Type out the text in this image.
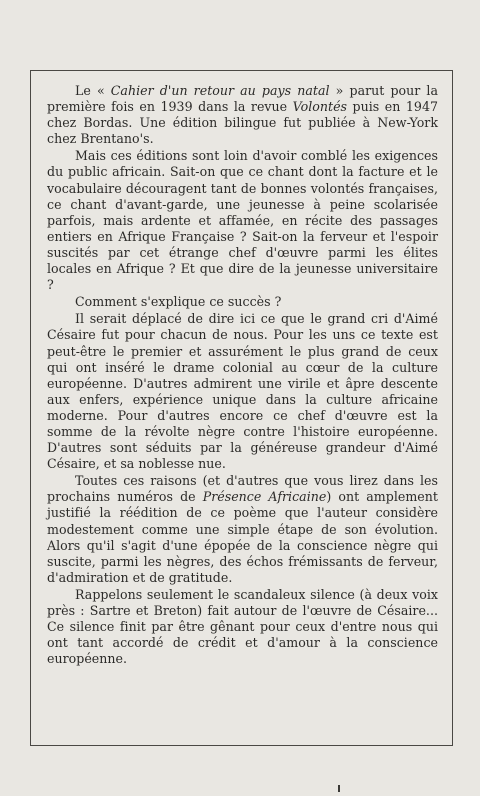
Le « Cahier d'un retour au pays natal » parut pour la première fois en 1939 dans la revue Volontés puis en 1947 chez Bordas. Une édition bilingue fut publiée à New-York chez Brentano's.

Mais ces éditions sont loin d'avoir comblé les exigences du public africain. Sait-on que ce chant dont la facture et le vocabulaire découragent tant de bonnes volontés françaises, ce chant d'avant-garde, une jeunesse à peine scolarisée parfois, mais ardente et affamée, en récite des passages entiers en Afrique Française ? Sait-on la ferveur et l'espoir suscités par cet étrange chef d'œuvre parmi les élites locales en Afrique ? Et que dire de la jeunesse universitaire ?

Comment s'explique ce succès ?

Il serait déplacé de dire ici ce que le grand cri d'Aimé Césaire fut pour chacun de nous. Pour les uns ce texte est peut-être le premier et assurément le plus grand de ceux qui ont inséré le drame colonial au cœur de la culture européenne. D'autres admirent une virile et âpre descente aux enfers, expérience unique dans la culture africaine moderne. Pour d'autres encore ce chef d'œuvre est la somme de la révolte nègre contre l'histoire européenne. D'autres sont séduits par la généreuse grandeur d'Aimé Césaire, et sa noblesse nue.

Toutes ces raisons (et d'autres que vous lirez dans les prochains numéros de Présence Africaine) ont amplement justifié la réédition de ce poème que l'auteur considère modestement comme une simple étape de son évolution. Alors qu'il s'agit d'une épopée de la conscience nègre qui suscite, parmi les nègres, des échos frémissants de ferveur, d'admiration et de gratitude.

Rappelons seulement le scandaleux silence (à deux voix près : Sartre et Breton) fait autour de l'œuvre de Césaire... Ce silence finit par être gênant pour ceux d'entre nous qui ont tant accordé de crédit et d'amour à la conscience européenne.
